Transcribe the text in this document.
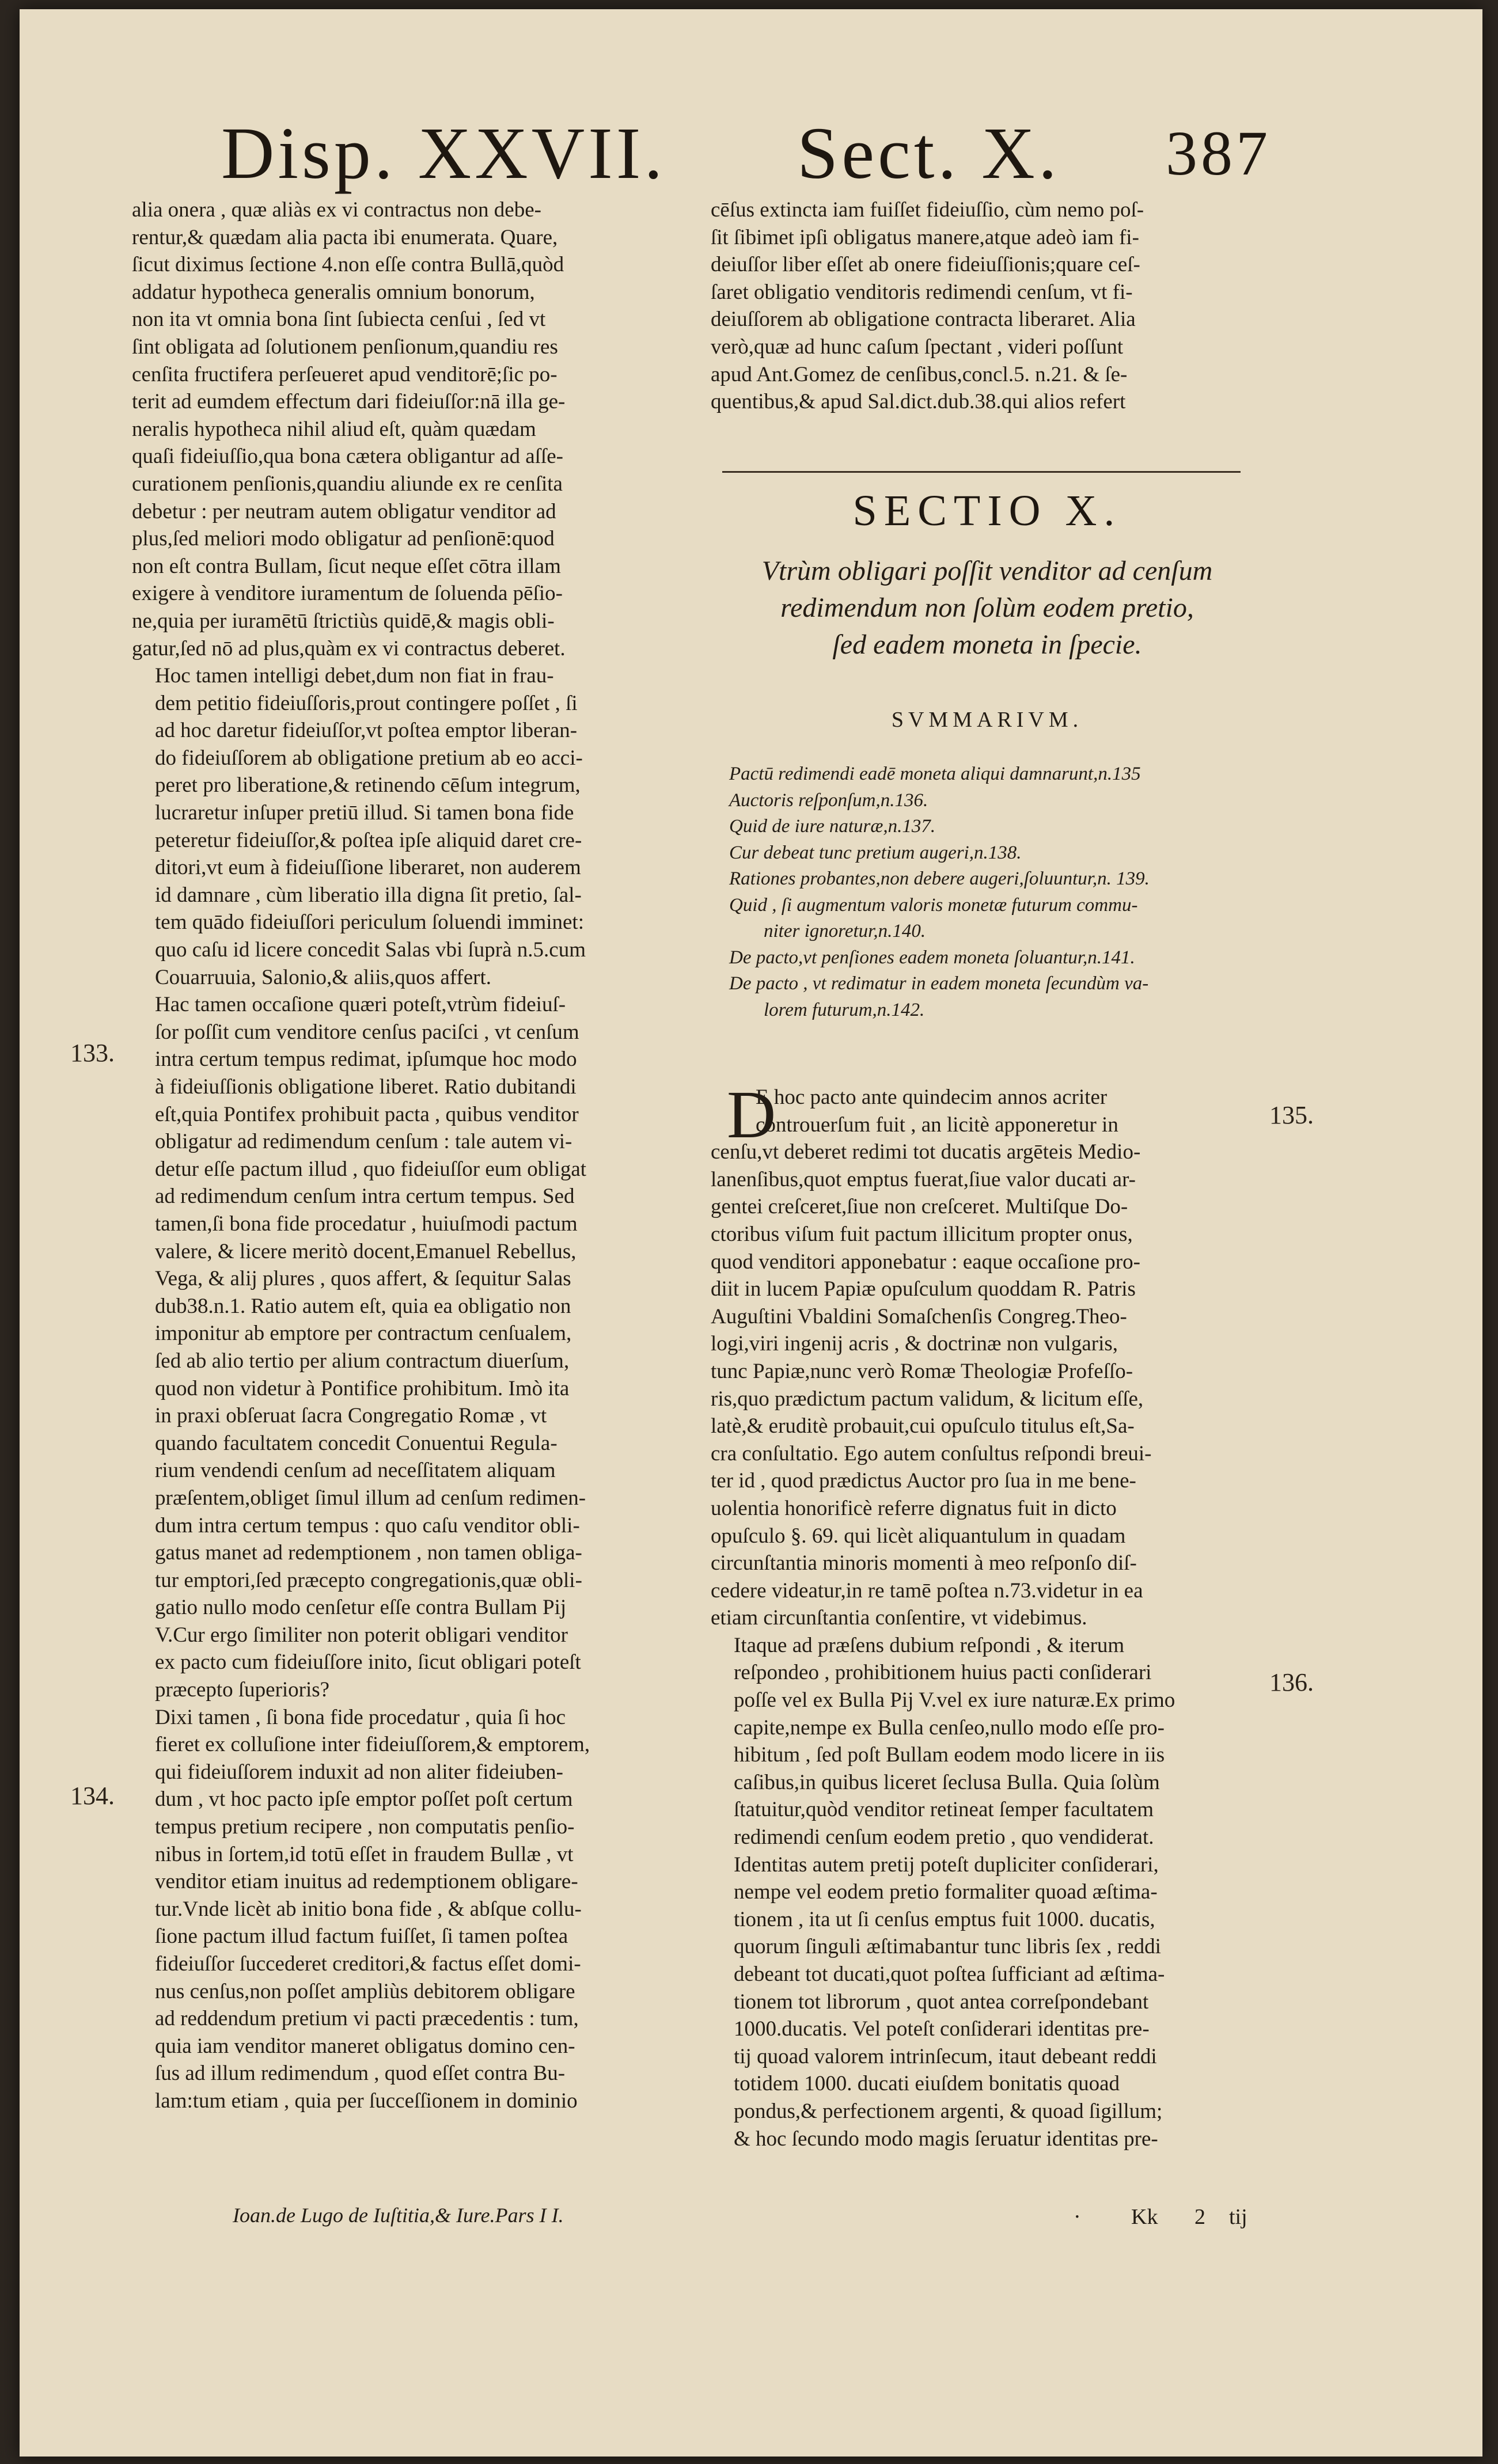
Disp. XXVII. Sect. X. 387

alia onera , quæ aliàs ex vi contractus non debe-
rentur,& quædam alia pacta ibi enumerata. Quare,
ſicut diximus ſectione 4.non eſſe contra Bullā,quòd
addatur hypotheca generalis omnium bonorum,
non ita vt omnia bona ſint ſubiecta cenſui , ſed vt
ſint obligata ad ſolutionem penſionum,quandiu res
cenſita fructifera perſeueret apud venditorē;ſic po-
terit ad eumdem effectum dari fideiuſſor:nā illa ge-
neralis hypotheca nihil aliud eſt, quàm quædam
quaſi fideiuſſio,qua bona cætera obligantur ad aſſe-
curationem penſionis,quandiu aliunde ex re cenſita
debetur : per neutram autem obligatur venditor ad
plus,ſed meliori modo obligatur ad penſionē:quod
non eſt contra Bullam, ſicut neque eſſet cōtra illam
exigere à venditore iuramentum de ſoluenda pēſio-
ne,quia per iuramētū ſtrictiùs quidē,& magis obli-
gatur,ſed nō ad plus,quàm ex vi contractus deberet.

Hoc tamen intelligi debet,dum non fiat in frau-
dem petitio fideiuſſoris,prout contingere poſſet , ſi
ad hoc daretur fideiuſſor,vt poſtea emptor liberan-
do fideiuſſorem ab obligatione pretium ab eo acci-
peret pro liberatione,& retinendo cēſum integrum,
lucraretur inſuper pretiū illud. Si tamen bona fide
peteretur fideiuſſor,& poſtea ipſe aliquid daret cre-
ditori,vt eum à fideiuſſione liberaret, non auderem
id damnare , cùm liberatio illa digna ſit pretio, ſal-
tem quādo fideiuſſori periculum ſoluendi imminet:
quo caſu id licere concedit Salas vbi ſuprà n.5.cum
Couarruuia, Salonio,& aliis,quos affert.

Hac tamen occaſione quæri poteſt,vtrùm fideiuſ-
ſor poſſit cum venditore cenſus paciſci , vt cenſum
intra certum tempus redimat, ipſumque hoc modo
à fideiuſſionis obligatione liberet. Ratio dubitandi
eſt,quia Pontifex prohibuit pacta , quibus venditor
obligatur ad redimendum cenſum : tale autem vi-
detur eſſe pactum illud , quo fideiuſſor eum obligat
ad redimendum cenſum intra certum tempus. Sed
tamen,ſi bona fide procedatur , huiuſmodi pactum
valere, & licere meritò docent,Emanuel Rebellus,
Vega, & alij plures , quos affert, & ſequitur Salas
dub38.n.1. Ratio autem eſt, quia ea obligatio non
imponitur ab emptore per contractum cenſualem,
ſed ab alio tertio per alium contractum diuerſum,
quod non videtur à Pontifice prohibitum. Imò ita
in praxi obſeruat ſacra Congregatio Romæ , vt
quando facultatem concedit Conuentui Regula-
rium vendendi cenſum ad neceſſitatem aliquam
præſentem,obliget ſimul illum ad cenſum redimen-
dum intra certum tempus : quo caſu venditor obli-
gatus manet ad redemptionem , non tamen obliga-
tur emptori,ſed præcepto congregationis,quæ obli-
gatio nullo modo cenſetur eſſe contra Bullam Pij
V.Cur ergo ſimiliter non poterit obligari venditor
ex pacto cum fideiuſſore inito, ſicut obligari poteſt
præcepto ſuperioris?

Dixi tamen , ſi bona fide procedatur , quia ſi hoc
fieret ex colluſione inter fideiuſſorem,& emptorem,
qui fideiuſſorem induxit ad non aliter fideiuben-
dum , vt hoc pacto ipſe emptor poſſet poſt certum
tempus pretium recipere , non computatis penſio-
nibus in ſortem,id totū eſſet in fraudem Bullæ , vt
venditor etiam inuitus ad redemptionem obligare-
tur.Vnde licèt ab initio bona fide , & abſque collu-
ſione pactum illud factum fuiſſet, ſi tamen poſtea
fideiuſſor ſuccederet creditori,& factus eſſet domi-
nus cenſus,non poſſet ampliùs debitorem obligare
ad reddendum pretium vi pacti præcedentis : tum,
quia iam venditor maneret obligatus domino cen-
ſus ad illum redimendum , quod eſſet contra Bu-
lam:tum etiam , quia per ſucceſſionem in dominio

133.
134.
cēſus extincta iam fuiſſet fideiuſſio, cùm nemo poſ-
ſit ſibimet ipſi obligatus manere,atque adeò iam fi-
deiuſſor liber eſſet ab onere fideiuſſionis;quare ceſ-
ſaret obligatio venditoris redimendi cenſum, vt fi-
deiuſſorem ab obligatione contracta liberaret. Alia
verò,quæ ad hunc caſum ſpectant , videri poſſunt
apud Ant.Gomez de cenſibus,concl.5. n.21. & ſe-
quentibus,& apud Sal.dict.dub.38.qui alios refert
SECTIO X.
Vtrùm obligari poſſit venditor ad cenſum
redimendum non ſolùm eodem pretio,
ſed eadem moneta in ſpecie.
SVMMARIVM.
Pactū redimendi eadē moneta aliqui damnarunt,n.135
Auctoris reſponſum,n.136.
Quid de iure naturæ,n.137.
Cur debeat tunc pretium augeri,n.138.
Rationes probantes,non debere augeri,ſoluuntur,n. 139.
Quid , ſi augmentum valoris monetæ futurum commu-
niter ignoretur,n.140.
De pacto,vt penſiones eadem moneta ſoluantur,n.141.
De pacto , vt redimatur in eadem moneta ſecundùm va-
lorem futurum,n.142.
D

E hoc pacto ante quindecim annos acriter
controuerſum fuit , an licitè apponeretur in
cenſu,vt deberet redimi tot ducatis argēteis Medio-
lanenſibus,quot emptus fuerat,ſiue valor ducati ar-
gentei creſceret,ſiue non creſceret. Multiſque Do-
ctoribus viſum fuit pactum illicitum propter onus,
quod venditori apponebatur : eaque occaſione pro-
diit in lucem Papiæ opuſculum quoddam R. Patris
Auguſtini Vbaldini Somaſchenſis Congreg.Theo-
logi,viri ingenij acris , & doctrinæ non vulgaris,
tunc Papiæ,nunc verò Romæ Theologiæ Profeſſo-
ris,quo prædictum pactum validum, & licitum eſſe,
latè,& eruditè probauit,cui opuſculo titulus eſt,Sa-
cra conſultatio. Ego autem conſultus reſpondi breui-
ter id , quod prædictus Auctor pro ſua in me bene-
uolentia honorificè referre dignatus fuit in dicto
opuſculo §. 69. qui licèt aliquantulum in quadam
circunſtantia minoris momenti à meo reſponſo diſ-
cedere videatur,in re tamē poſtea n.73.videtur in ea
etiam circunſtantia conſentire, vt videbimus.

Itaque ad præſens dubium reſpondi , & iterum
reſpondeo , prohibitionem huius pacti conſiderari
poſſe vel ex Bulla Pij V.vel ex iure naturæ.Ex primo
capite,nempe ex Bulla cenſeo,nullo modo eſſe pro-
hibitum , ſed poſt Bullam eodem modo licere in iis
caſibus,in quibus liceret ſeclusa Bulla. Quia ſolùm
ſtatuitur,quòd venditor retineat ſemper facultatem
redimendi cenſum eodem pretio , quo vendiderat.
Identitas autem pretij poteſt dupliciter conſiderari,
nempe vel eodem pretio formaliter quoad æſtima-
tionem , ita ut ſi cenſus emptus fuit 1000. ducatis,
quorum ſinguli æſtimabantur tunc libris ſex , reddi
debeant tot ducati,quot poſtea ſufficiant ad æſtima-
tionem tot librorum , quot antea correſpondebant
1000.ducatis. Vel poteſt conſiderari identitas pre-
tij quoad valorem intrinſecum, itaut debeant reddi
totidem 1000. ducati eiuſdem bonitatis quoad
pondus,& perfectionem argenti, & quoad ſigillum;
& hoc ſecundo modo magis ſeruatur identitas pre-

135.
136.
Ioan.de Lugo de Iuſtitia,& Iure.Pars I I.	· Kk 2 tij
